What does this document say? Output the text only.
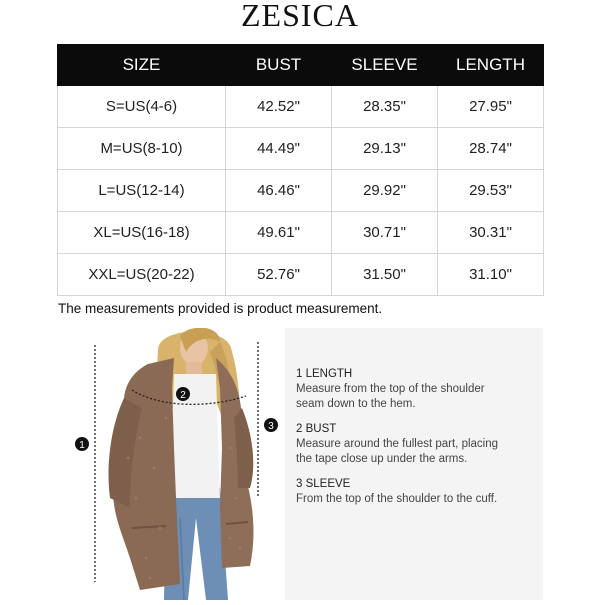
ZESICA
SIZE	BUST	SLEEVE	LENGTH
S=US(4-6)	42.52"	28.35"	27.95"
M=US(8-10)	44.49"	29.13"	28.74"
L=US(12-14)	46.46"	29.92"	29.53"
XL=US(16-18)	49.61"	30.71"	30.31"
XXL=US(20-22)	52.76"	31.50"	31.10"
The measurements provided is product measurement.
1
2
3
1 LENGTH
Measure from the top of the shoulder
seam down to the hem.
2 BUST
Measure around the fullest part, placing
the tape close up under the arms.
3 SLEEVE
From the top of the shoulder to the cuff.
